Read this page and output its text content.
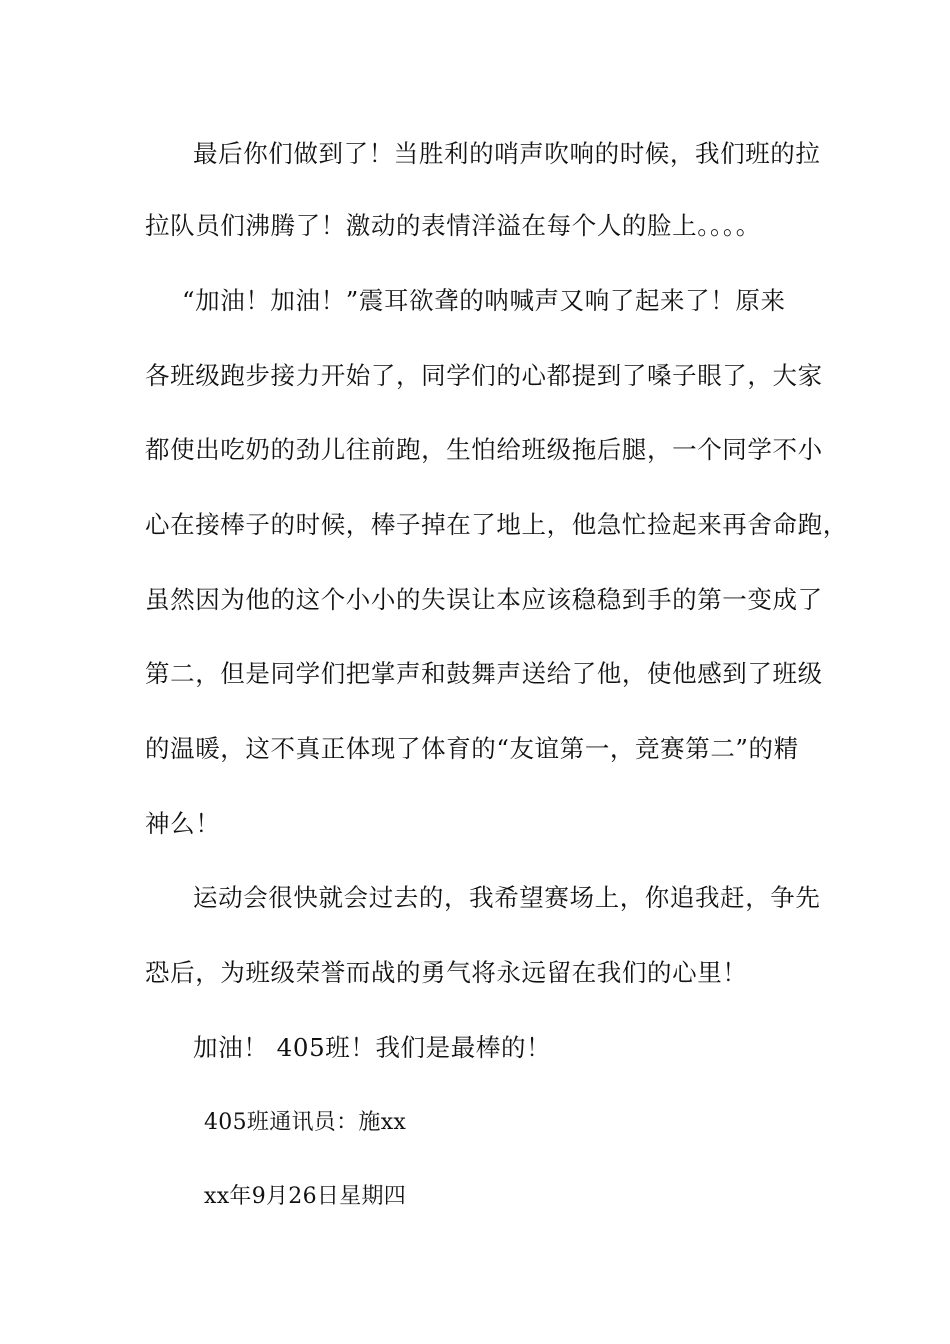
最后你们做到了！当胜利的哨声吹响的时候，我们班的拉
拉队员们沸腾了！激动的表情洋溢在每个人的脸上。。。。
“加油！加油！”震耳欲聋的呐喊声又响了起来了！原来
各班级跑步接力开始了，同学们的心都提到了嗓子眼了，大家
都使出吃奶的劲儿往前跑，生怕给班级拖后腿，一个同学不小
心在接棒子的时候，棒子掉在了地上，他急忙捡起来再舍命跑，
虽然因为他的这个小小的失误让本应该稳稳到手的第一变成了
第二，但是同学们把掌声和鼓舞声送给了他，使他感到了班级
的温暖，这不真正体现了体育的“友谊第一，竞赛第二”的精
神么！
运动会很快就会过去的，我希望赛场上，你追我赶，争先
恐后，为班级荣誉而战的勇气将永远留在我们的心里！
加油！ 405班！我们是最棒的！
405班通讯员：施xx
xx年9月26日星期四
